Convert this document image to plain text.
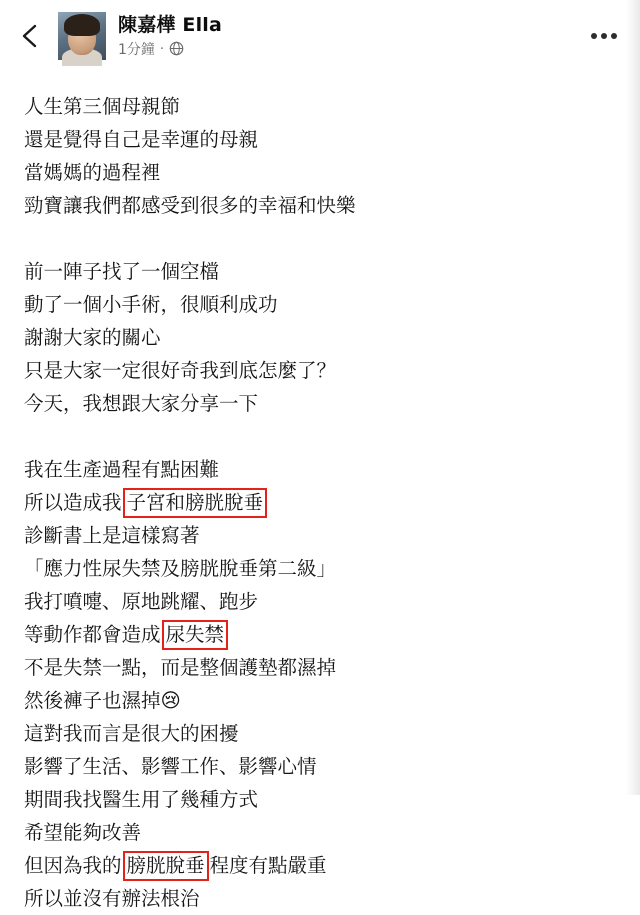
陳嘉樺 Ella
1分鐘 ·
人生第三個母親節
還是覺得自己是幸運的母親
當媽媽的過程裡
勁寶讓我們都感受到很多的幸福和快樂
前一陣子找了一個空檔
動了一個小手術，很順利成功
謝謝大家的關心
只是大家一定很好奇我到底怎麼了？
今天，我想跟大家分享一下
我在生產過程有點困難
所以造成我 子宮和膀胱脫垂
診斷書上是這樣寫著
「應力性尿失禁及膀胱脫垂第二級」
我打噴嚏、原地跳耀、跑步
等動作都會造成 尿失禁
不是失禁一點，而是整個護墊都濕掉
然後褲子也濕掉😢
這對我而言是很大的困擾
影響了生活、影響工作、影響心情
期間我找醫生用了幾種方式
希望能夠改善
但因為我的 膀胱脫垂 程度有點嚴重
所以並沒有辦法根治
